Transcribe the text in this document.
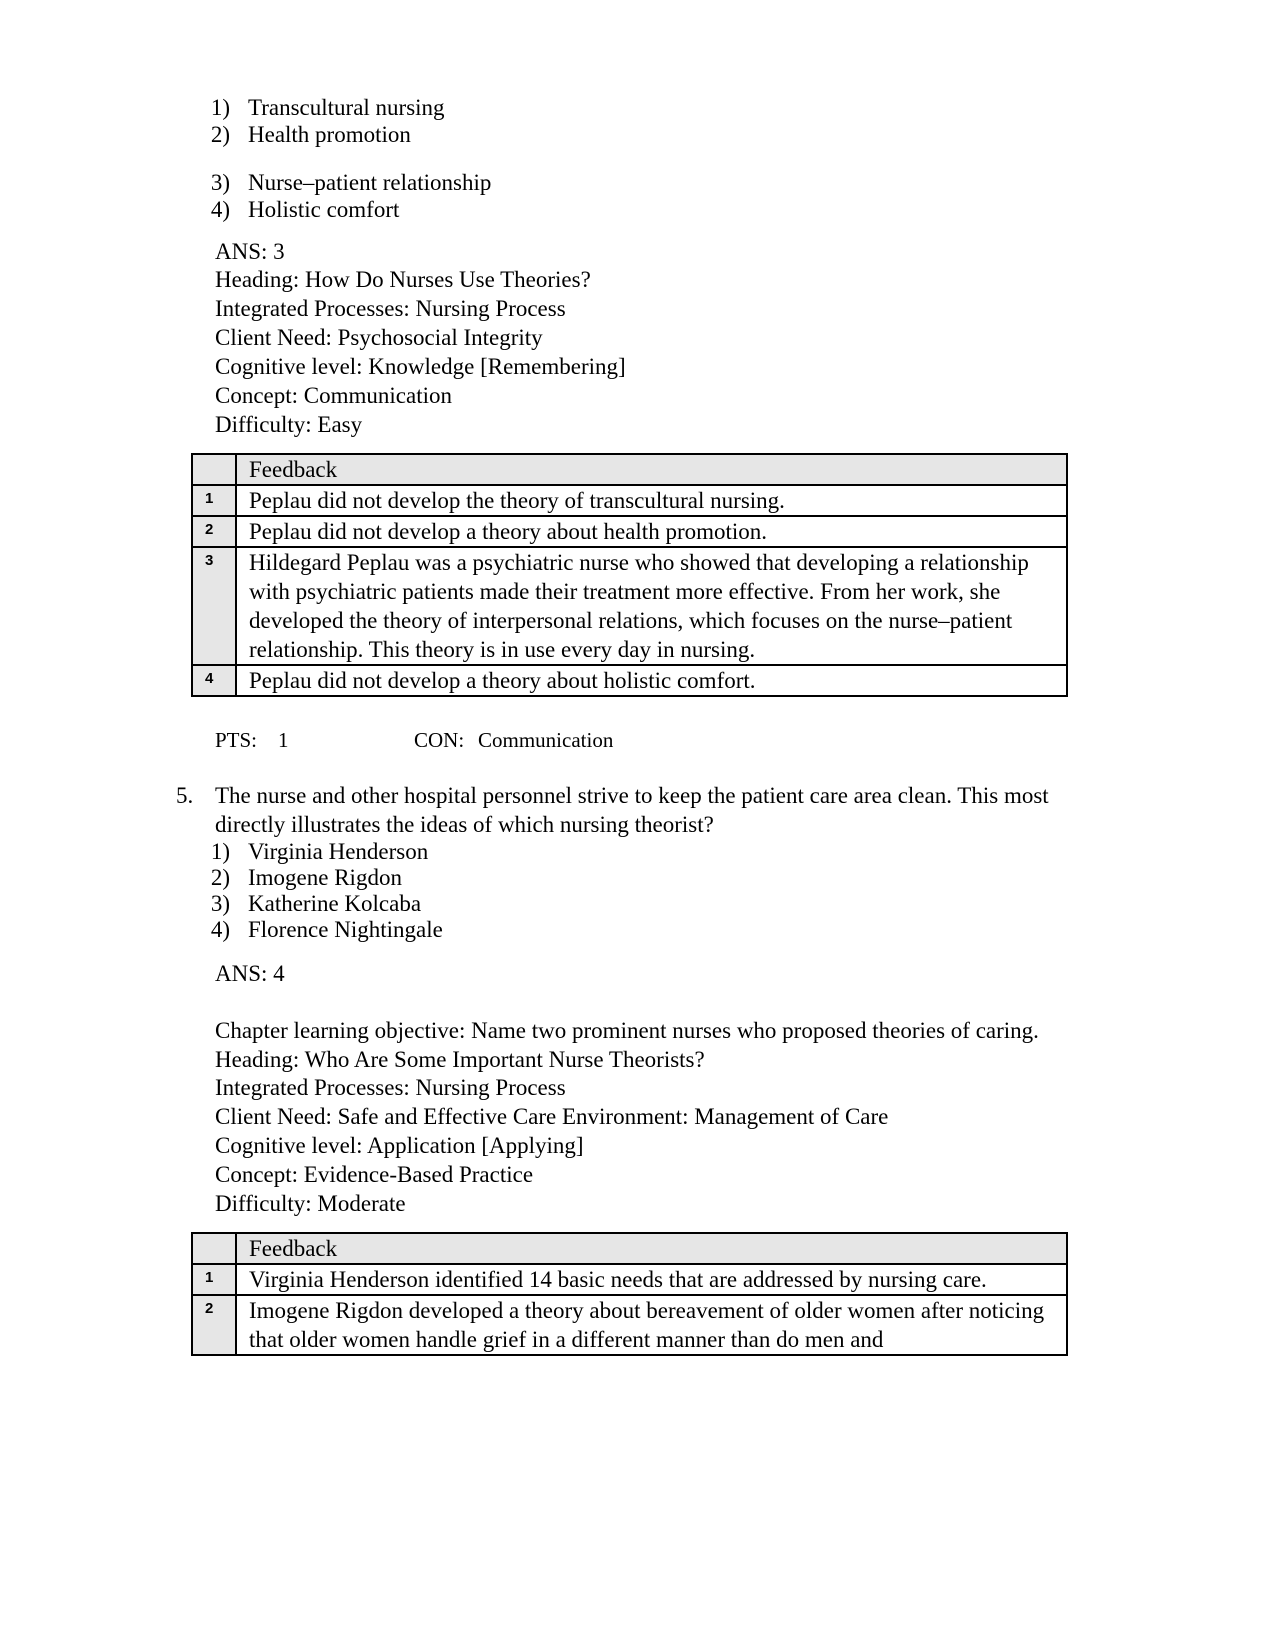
1) Transcultural nursing
2) Health promotion
3) Nurse–patient relationship
4) Holistic comfort
ANS: 3
Heading: How Do Nurses Use Theories?
Integrated Processes: Nursing Process
Client Need: Psychosocial Integrity
Cognitive level: Knowledge [Remembering]
Concept: Communication
Difficulty: Easy
	Feedback
1	Peplau did not develop the theory of transcultural nursing.
2	Peplau did not develop a theory about health promotion.
3	Hildegard Peplau was a psychiatric nurse who showed that developing a relationship with psychiatric patients made their treatment more effective. From her work, she developed the theory of interpersonal relations, which focuses on the nurse–patient relationship. This theory is in use every day in nursing.
4	Peplau did not develop a theory about holistic comfort.
PTS: 1	CON: Communication
5. The nurse and other hospital personnel strive to keep the patient care area clean. This most
directly illustrates the ideas of which nursing theorist?
1) Virginia Henderson
2) Imogene Rigdon
3) Katherine Kolcaba
4) Florence Nightingale
ANS: 4
Chapter learning objective: Name two prominent nurses who proposed theories of caring.
Heading: Who Are Some Important Nurse Theorists?
Integrated Processes: Nursing Process
Client Need: Safe and Effective Care Environment: Management of Care
Cognitive level: Application [Applying]
Concept: Evidence-Based Practice
Difficulty: Moderate
	Feedback
1	Virginia Henderson identified 14 basic needs that are addressed by nursing care.
2	Imogene Rigdon developed a theory about bereavement of older women after noticing that older women handle grief in a different manner than do men and
